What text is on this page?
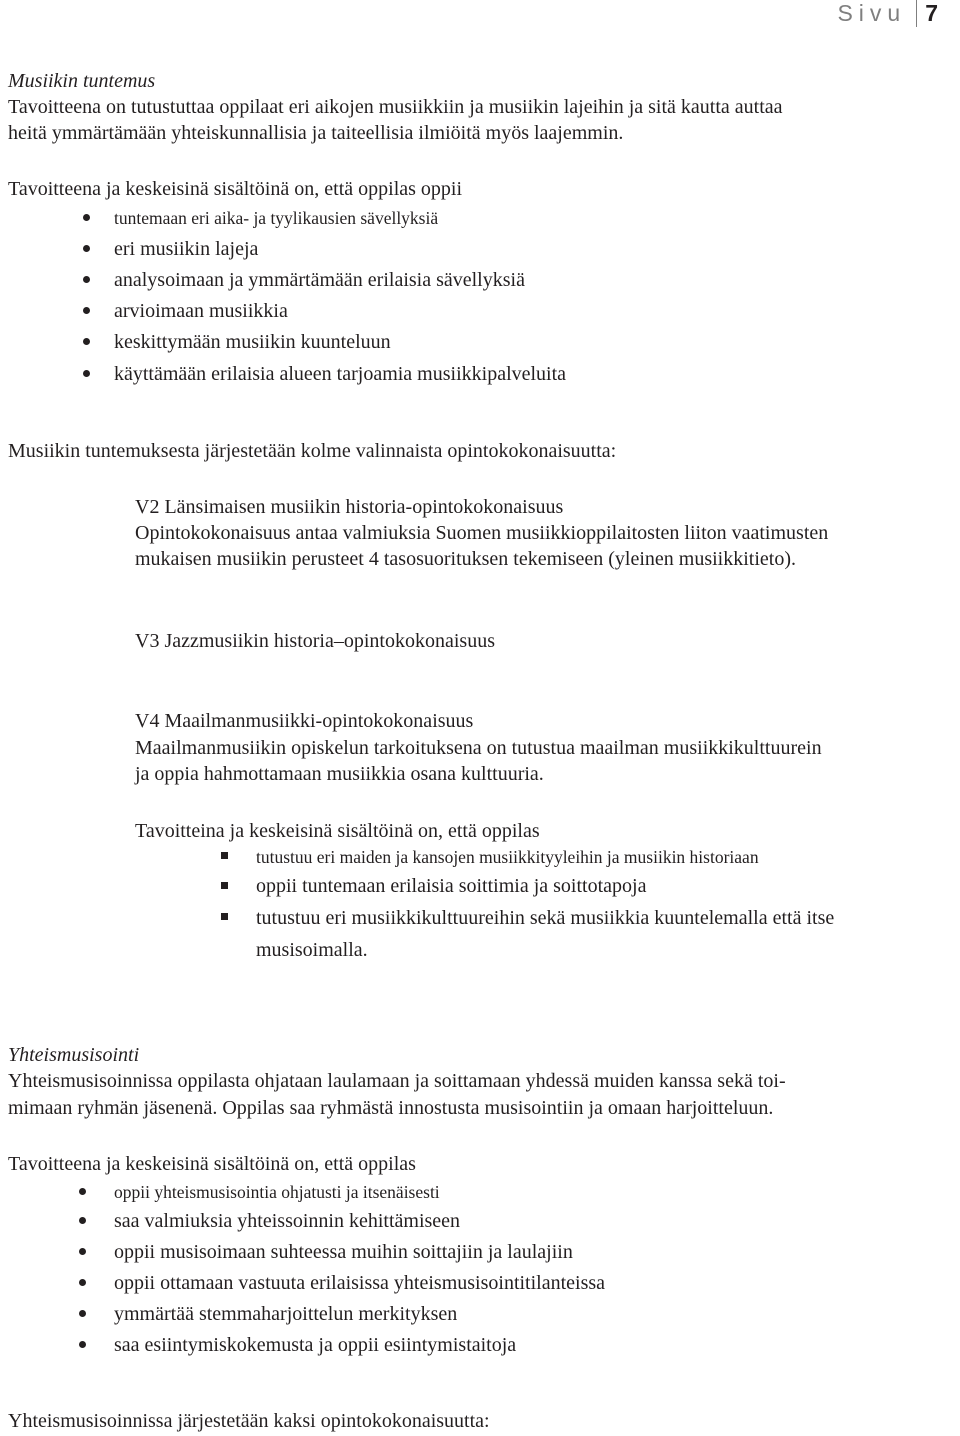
Sivu 7
Musiikin tuntemus
Tavoitteena on tutustuttaa oppilaat eri aikojen musiikkiin ja musiikin lajeihin ja sitä kautta auttaa
heitä ymmärtämään yhteiskunnallisia ja taiteellisia ilmiöitä myös laajemmin.
Tavoitteena ja keskeisinä sisältöinä on, että oppilas oppii
tuntemaan eri aika- ja tyylikausien sävellyksiä
eri musiikin lajeja
analysoimaan ja ymmärtämään erilaisia sävellyksiä
arvioimaan musiikkia
keskittymään musiikin kuunteluun
käyttämään erilaisia alueen tarjoamia musiikkipalveluita
Musiikin tuntemuksesta järjestetään kolme valinnaista opintokokonaisuutta:
V2 Länsimaisen musiikin historia-opintokokonaisuus
Opintokokonaisuus antaa valmiuksia Suomen musiikkioppilaitosten liiton vaatimusten
mukaisen musiikin perusteet 4 tasosuorituksen tekemiseen (yleinen musiikkitieto).
V3 Jazzmusiikin historia–opintokokonaisuus
V4 Maailmanmusiikki-opintokokonaisuus
Maailmanmusiikin opiskelun tarkoituksena on tutustua maailman musiikkikulttuurein
ja oppia hahmottamaan musiikkia osana kulttuuria.
Tavoitteina ja keskeisinä sisältöinä on, että oppilas
tutustuu eri maiden ja kansojen musiikkityyleihin ja musiikin historiaan
oppii tuntemaan erilaisia soittimia ja soittotapoja
tutustuu eri musiikkikulttuureihin sekä musiikkia kuuntelemalla että itse
musisoimalla.
Yhteismusisointi
Yhteismusisoinnissa oppilasta ohjataan laulamaan ja soittamaan yhdessä muiden kanssa sekä toi-
mimaan ryhmän jäsenenä. Oppilas saa ryhmästä innostusta musisointiin ja omaan harjoitteluun.
Tavoitteena ja keskeisinä sisältöinä on, että oppilas
oppii yhteismusisointia ohjatusti ja itsenäisesti
saa valmiuksia yhteissoinnin kehittämiseen
oppii musisoimaan suhteessa muihin soittajiin ja laulajiin
oppii ottamaan vastuuta erilaisissa yhteismusisointitilanteissa
ymmärtää stemmaharjoittelun merkityksen
saa esiintymiskokemusta ja oppii esiintymistaitoja
Yhteismusisoinnissa järjestetään kaksi opintokokonaisuutta:
